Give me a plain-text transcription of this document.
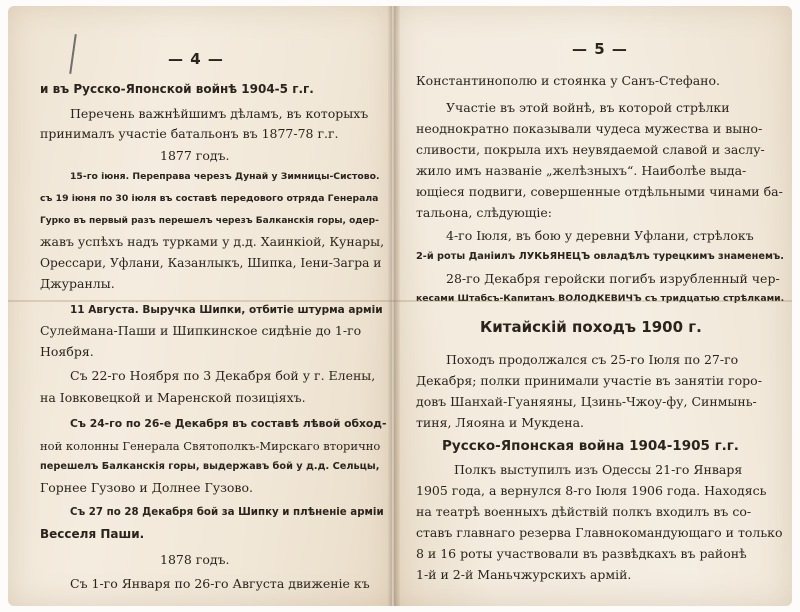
— 4 —
и въ Русско-Японской войнѣ 1904-5 г.г.
Перечень важнѣйшимъ дѣламъ, въ которыхъ
принималъ участіе батальонъ въ 1877-78 г.г.
1877 годъ.
15-го іюня. Переправа черезъ Дунай у Зимницы-Систово.
съ 19 іюня по 30 іюля въ составѣ передового отряда Генерала
Гурко въ первый разъ перешелъ черезъ Балканскія горы, одер-
жавъ успѣхъ надъ турками у д.д. Хаинкiой, Кунары,
Орессари, Уфлани, Казанлыкъ, Шипка, Іени-Загра и
Джуранлы.
11 Августа. Выручка Шипки, отбитіе штурма арміи
Сулеймана-Паши и Шипкинское сидѣніе до 1-го
Ноября.
Съ 22-го Ноября по 3 Декабря бой у г. Елены,
на Іовковецкой и Маренской позиціяхъ.
Съ 24-го по 26-е Декабря въ составѣ лѣвой обход-
ной колонны Генерала Святополкъ-Мирскаго вторично
перешелъ Балканскія горы, выдержавъ бой у д.д. Сельцы,
Горнее Гузово и Долнее Гузово.
Съ 27 по 28 Декабря бой за Шипку и плѣненіе арміи
Весселя Паши.
1878 годъ.
Съ 1-го Января по 26-го Августа движеніе къ
— 5 —
Константинополю и стоянка у Санъ-Стефано.
Участіе въ этой войнѣ, въ которой стрѣлки
неоднократно показывали чудеса мужества и выно-
сливости, покрыла ихъ неувядаемой славой и заслу-
жило имъ названіе „желѣзныхъ“. Наиболѣе выда-
ющіеся подвиги, совершенные отдѣльными чинами ба-
тальона, слѣдующіе:
4-го Іюля, въ бою у деревни Уфлани, стрѣлокъ
2-й роты Даніилъ ЛУКЬЯНЕЦЪ овладѣлъ турецкимъ знаменемъ.
28-го Декабря геройски погибъ изрубленный чер-
кесами Штабсъ-Капитанъ ВОЛОДКЕВИЧЪ съ тридцатью стрѣлками.
Китайскій походъ 1900 г.
Походъ продолжался съ 25-го Іюля по 27-го
Декабря; полки принимали участіе въ занятіи горо-
довъ Шанхай-Гуаняяны, Цзинь-Чжоу-фу, Синмынь-
тиня, Ляояна и Мукдена.
Русско-Японская война 1904-1905 г.г.
Полкъ выступилъ изъ Одессы 21-го Января
1905 года, а вернулся 8-го Іюля 1906 года. Находясь
на театрѣ военныхъ дѣйствій полкъ входилъ въ со-
ставъ главнаго резерва Главнокомандующаго и только
8 и 16 роты участвовали въ развѣдкахъ въ районѣ
1-й и 2-й Маньчжурскихъ армій.
